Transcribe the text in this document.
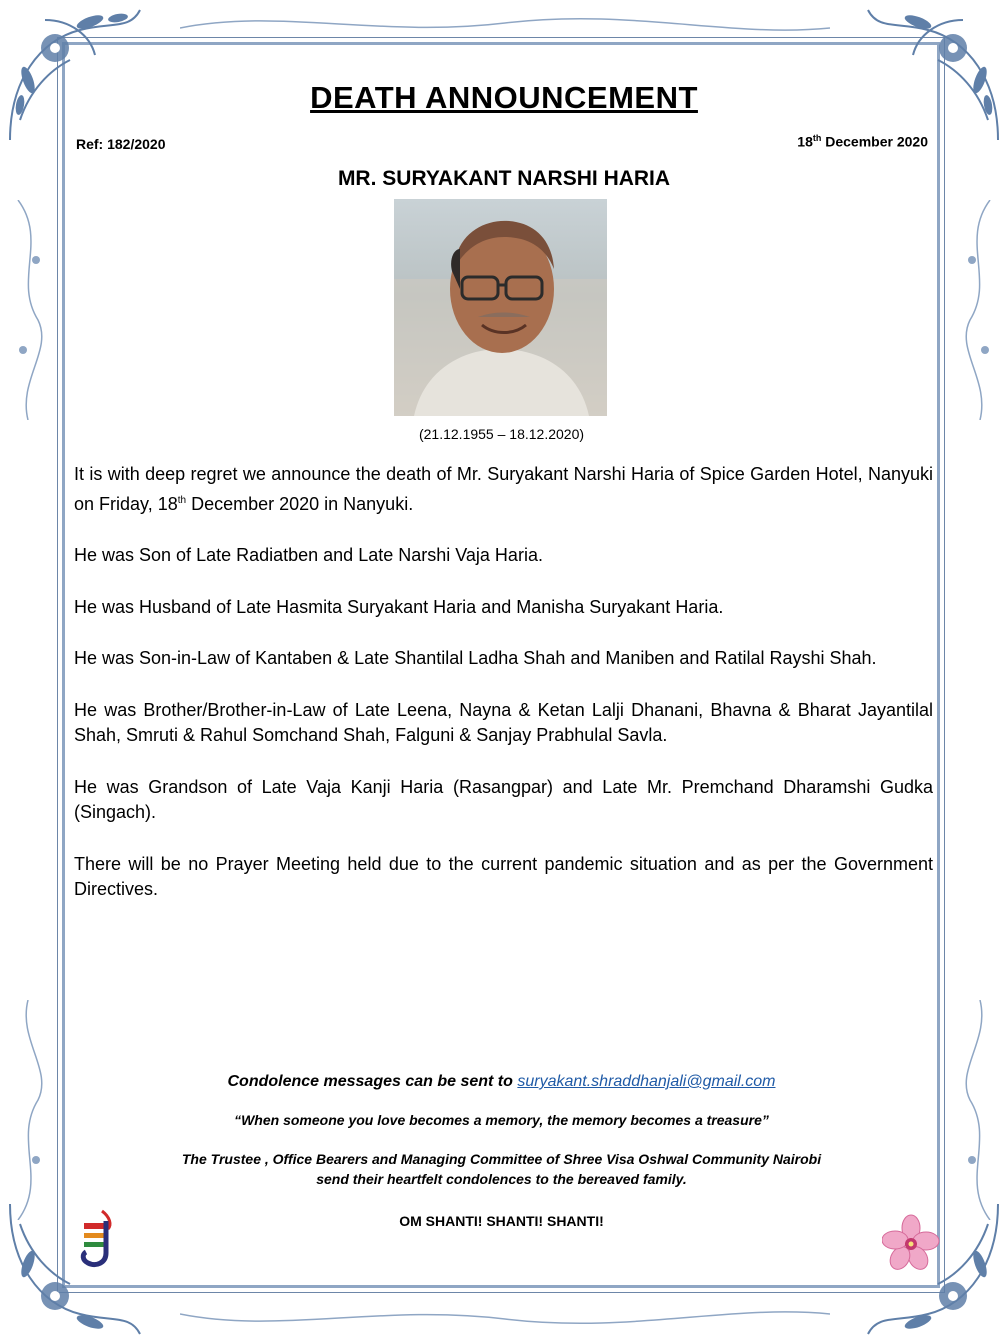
DEATH ANNOUNCEMENT
Ref: 182/2020	18th December 2020
MR. SURYAKANT NARSHI HARIA
(21.12.1955 – 18.12.2020)

It is with deep regret we announce the death of Mr. Suryakant Narshi Haria of Spice Garden Hotel, Nanyuki on Friday, 18th December 2020 in Nanyuki.

He was Son of Late Radiatben and Late Narshi Vaja Haria.

He was Husband of Late Hasmita Suryakant Haria and Manisha Suryakant Haria.

He was Son-in-Law of Kantaben & Late Shantilal Ladha Shah and Maniben and Ratilal Rayshi Shah.

He was Brother/Brother-in-Law of Late Leena, Nayna & Ketan Lalji Dhanani, Bhavna & Bharat Jayantilal Shah, Smruti & Rahul Somchand Shah, Falguni & Sanjay Prabhulal Savla.

He was Grandson of Late Vaja Kanji Haria (Rasangpar) and Late Mr. Premchand Dharamshi Gudka (Singach).

There will be no Prayer Meeting held due to the current pandemic situation and as per the Government Directives.

Condolence messages can be sent to suryakant.shraddhanjali@gmail.com
“When someone you love becomes a memory, the memory becomes a treasure”
The Trustee , Office Bearers and Managing Committee of Shree Visa Oshwal Community Nairobi
send their heartfelt condolences to the bereaved family.
OM SHANTI! SHANTI! SHANTI!
